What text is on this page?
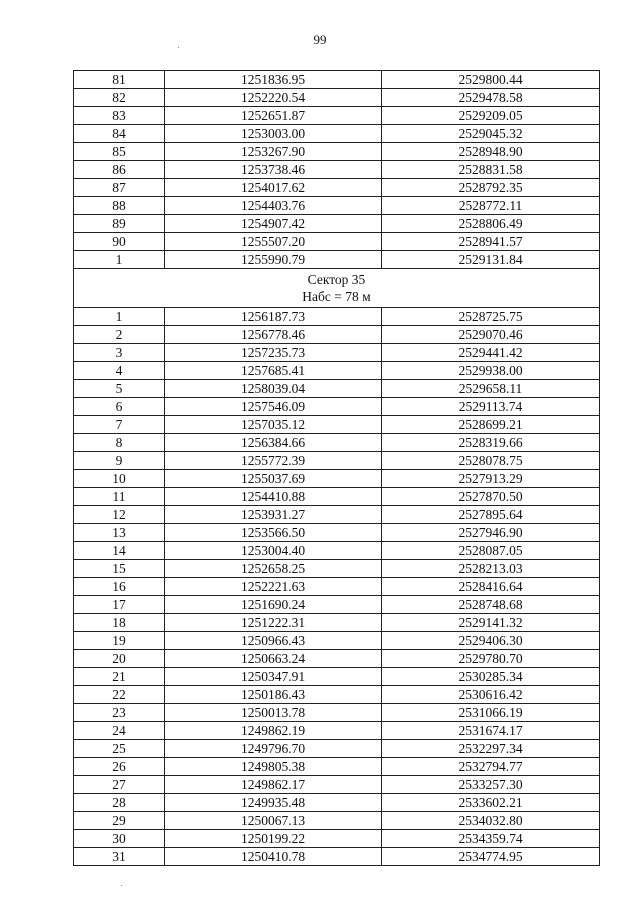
99
81	1251836.95	2529800.44
82	1252220.54	2529478.58
83	1252651.87	2529209.05
84	1253003.00	2529045.32
85	1253267.90	2528948.90
86	1253738.46	2528831.58
87	1254017.62	2528792.35
88	1254403.76	2528772.11
89	1254907.42	2528806.49
90	1255507.20	2528941.57
1	1255990.79	2529131.84

Сектор 35
Набс = 78 м		

1	1256187.73	2528725.75
2	1256778.46	2529070.46
3	1257235.73	2529441.42
4	1257685.41	2529938.00
5	1258039.04	2529658.11
6	1257546.09	2529113.74
7	1257035.12	2528699.21
8	1256384.66	2528319.66
9	1255772.39	2528078.75
10	1255037.69	2527913.29
11	1254410.88	2527870.50
12	1253931.27	2527895.64
13	1253566.50	2527946.90
14	1253004.40	2528087.05
15	1252658.25	2528213.03
16	1252221.63	2528416.64
17	1251690.24	2528748.68
18	1251222.31	2529141.32
19	1250966.43	2529406.30
20	1250663.24	2529780.70
21	1250347.91	2530285.34
22	1250186.43	2530616.42
23	1250013.78	2531066.19
24	1249862.19	2531674.17
25	1249796.70	2532297.34
26	1249805.38	2532794.77
27	1249862.17	2533257.30
28	1249935.48	2533602.21
29	1250067.13	2534032.80
30	1250199.22	2534359.74
31	1250410.78	2534774.95
